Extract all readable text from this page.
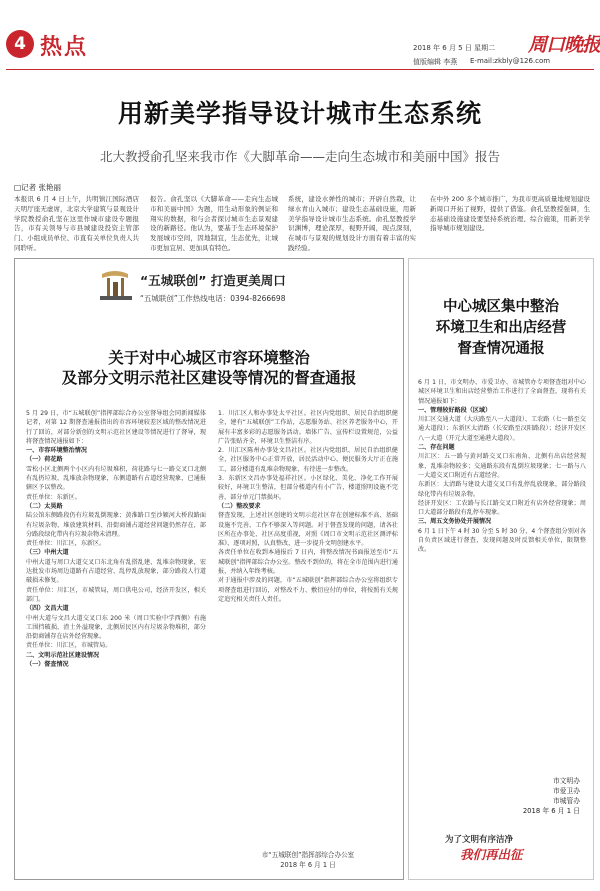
4 热点	2018 年 6 月 5 日 星期二 周口晚报
值版编辑 李燕 E-mail:zkbly@126.com
用新美学指导设计城市生态系统
北大教授俞孔坚来我市作《大脚革命——走向生态城市和美丽中国》报告
□记者 张艳丽
本报讯 6 月 4 日上午，共明镇江国际酒店天明厅座无虚席，北京大学建筑与景观设计学院教授俞孔坚在这里作城市建设专题报告，市有关领导与市县城建设投资主管部门、小组成员单位、市直有关单位负责人共同聆听。
报告。俞孔坚以《大脚革命——走向生态城市和美丽中国》为题，用生动形象的例证和翔实的数据，和与会者探讨城市生态景观建设的新路径。他认为，要基于生态环境保护发展城市空间，因地制宜，生态优先，让城市更加宜居、更加具有特色。
系统，建设水弹性的城市；开辟自然栽，让绿水青山入城市；建设生态基础设施，用新美学指导设计城市生态系统。俞孔坚教授学识渊博，理论深厚，视野开阔，现点深刻，在城市与景观的规划设计方面有着丰富的实践经验。
在中外 200 多个城市推广，为我市更高质量地规划建设新周口开拓了视野，提供了借鉴。俞孔坚教授强调，生态基础设施建设要坚持系统治理、综合施策，用新美学指导城市规划建设。
“五城联创” 打造更美周口
“五城联创”工作热线电话：0394-8266698
关于对中心城区市容环境整治
及部分文明示范社区建设等情况的督查通报

5 月 29 日，市“五城联创”指挥部综合办公室督导组会同新闻媒体记者，对第 12 期督查通报指出的市容环境较差区域的整改情况进行了回访，对部分新创的文明示范社区建设等情况进行了督导，现将督查情况通报如下：

一、市容环境整治情况

（一）荷花路

雪松小区北侧两个小区内有垃圾堆积，荷花路与七一路交叉口北侧有乱扔垃圾、乱堆放杂物现象，东侧道路有占道经营现象，已通报辖区予以整改。

责任单位：东新区。

（二）太昊路

陆公馆东侧路段仍有垃圾乱倒现象；黄淮路口至沙颍河大桥段路面有垃圾杂物、堆放建筑材料、沿街商铺占道经营问题仍然存在，部分路段绿化带内有垃圾杂物未清理。

责任单位：川汇区，东新区。

（三）中州大道

中州大道与周口大道交叉口东北角有乱搭乱建、乱堆杂物现象，宏达批发市场周边道路有占道经营、乱停乱放现象，部分路段人行道破损未修复。

责任单位：川汇区，市城管局，周口供电公司，经济开发区，相关部门。

（四）文昌大道

中州大道与文昌大道交叉口东 200 米（周口实验中学西侧）有施工围挡破损、渣土外溢现象，北侧居民区内有垃圾杂物堆积，部分沿街商铺存在店外经营现象。

责任单位：川汇区，市城管局。

二、文明示范社区建设情况

（一）督查情况

1．川汇区人和办事处太平社区。社区内党组织、居民自治组织健全，建有“五城联创”工作站，志愿服务站、社区养老服务中心，开展有丰富多彩的志愿服务活动。墙体广告、宣传栏设置规范，公益广告张贴齐全，环境卫生整洁有序。

2．川汇区陈州办事处文昌社区。社区内党组织、居民自治组织健全，社区服务中心正常开放，居民活动中心、便民服务大厅正在施工，部分楼道有乱堆杂物现象，有待进一步整改。

3．东新区文昌办事处福祥社区。小区绿化、美化、净化工作开展较好，环境卫生整洁，但部分楼道内有小广告，楼道照明设施不完善，部分单元门禁损坏。

（二）整改要求

督查发现，上述社区创建的文明示范社区存在创建标准不高、基础设施不完善、工作不够深入等问题。对于督查发现的问题，请各社区所在办事处、社区高度重视，对照《周口市文明示范社区测评标准》，逐项对照，认真整改，进一步提升文明创建水平。

各责任单位在收到本通报后 7 日内，将整改情况书面报送至市“五城联创”指挥部综合办公室。整改不到位的，将在全市范围内进行通报，并纳入年终考核。

对于通报中涉及的问题，市“五城联创”指挥部综合办公室将组织专项督查组进行回访，对整改不力、敷衍应付的单位，将按照有关规定追究相关责任人责任。

市“五城联创”指挥部综合办公室
2018 年 6 月 1 日
中心城区集中整治
环境卫生和出店经营
督查情况通报

6 月 1 日，市文明办、市爱卫办、市城管办专项督查组对中心城区环境卫生和出店经营整治工作进行了全面督查，现将有关情况通报如下：

一、管理较好路段（区域）

川汇区交通大道（大庆路至八一大道段）、工农路（七一路至交通大道段）；东新区太清路（长安路至汉阳路段）；经济开发区八一大道（开元大道至通港大道段）。

二、存在问题

川汇区：五一路与黄河路交叉口东南角、北侧有出店经营现象，乱堆杂物较多；交通路东段有乱倒垃圾现象；七一路与八一大道交叉口附近有占道经营。

东新区：太清路与建设大道交叉口有乱停乱放现象，部分路段绿化带内有垃圾杂物。

经济开发区：工农路与长江路交叉口附近有店外经营现象；周口大道部分路段有乱停车现象。

三、周五文务协处开展情况

6 月 1 日下午 4 时 30 分至 5 时 30 分，4 个督查组分别对各自负责区域进行督查，发现问题及时反馈相关单位，限期整改。

市文明办
市爱卫办
市城管办
2018 年 6 月 1 日
为了文明有序洁净
我们再出征
